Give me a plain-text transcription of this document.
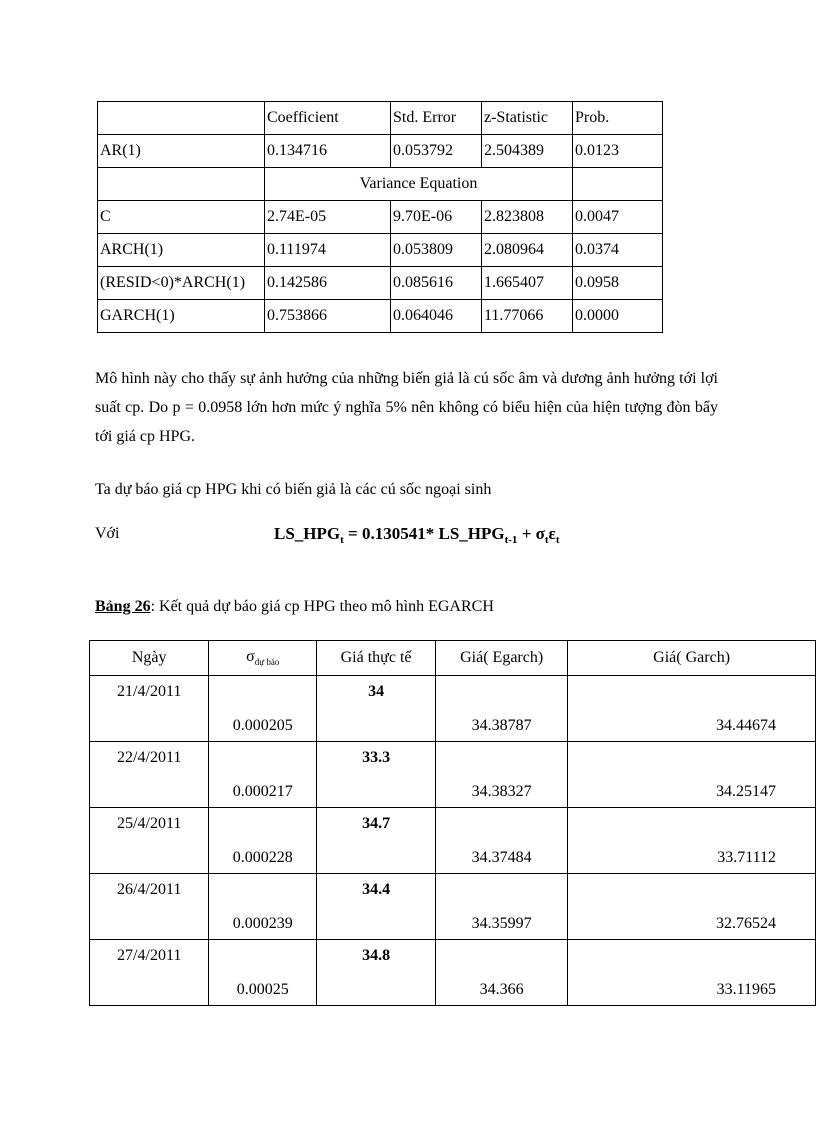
	Coefficient	Std. Error	z-Statistic	Prob.
AR(1)	0.134716	0.053792	2.504389	0.0123
	Variance Equation			
C	2.74E-05	9.70E-06	2.823808	0.0047
ARCH(1)	0.111974	0.053809	2.080964	0.0374
(RESID<0)*ARCH(1)	0.142586	0.085616	1.665407	0.0958
GARCH(1)	0.753866	0.064046	11.77066	0.0000

Mô hình này cho thấy sự ảnh hưởng của những biến giả là cú sốc âm và dương ảnh hưởng tới lợi suất cp. Do p = 0.0958 lớn hơn mức ý nghĩa 5% nên không có biểu hiện của hiện tượng đòn bẩy tới giá cp HPG.

Ta dự báo giá cp HPG khi có biến giả là các cú sốc ngoại sinh
Với	$LS\_HPG_t = 0.130541*$ $LS\_HPG_{t-1} + \sigma_t\varepsilon_t$
Bảng 26: Kết quả dự báo giá cp HPG theo mô hình EGARCH
Ngày	$\sigma_{dự báo}$	Giá thực tế	Giá( Egarch)	Giá( Garch)

21/4/2011	0.000205	34	34.38787	34.44674

22/4/2011	0.000217	33.3	34.38327	34.25147

25/4/2011	0.000228	34.7	34.37484	33.71112

26/4/2011	0.000239	34.4	34.35997	32.76524

27/4/2011	0.00025	34.8	34.366	33.11965
